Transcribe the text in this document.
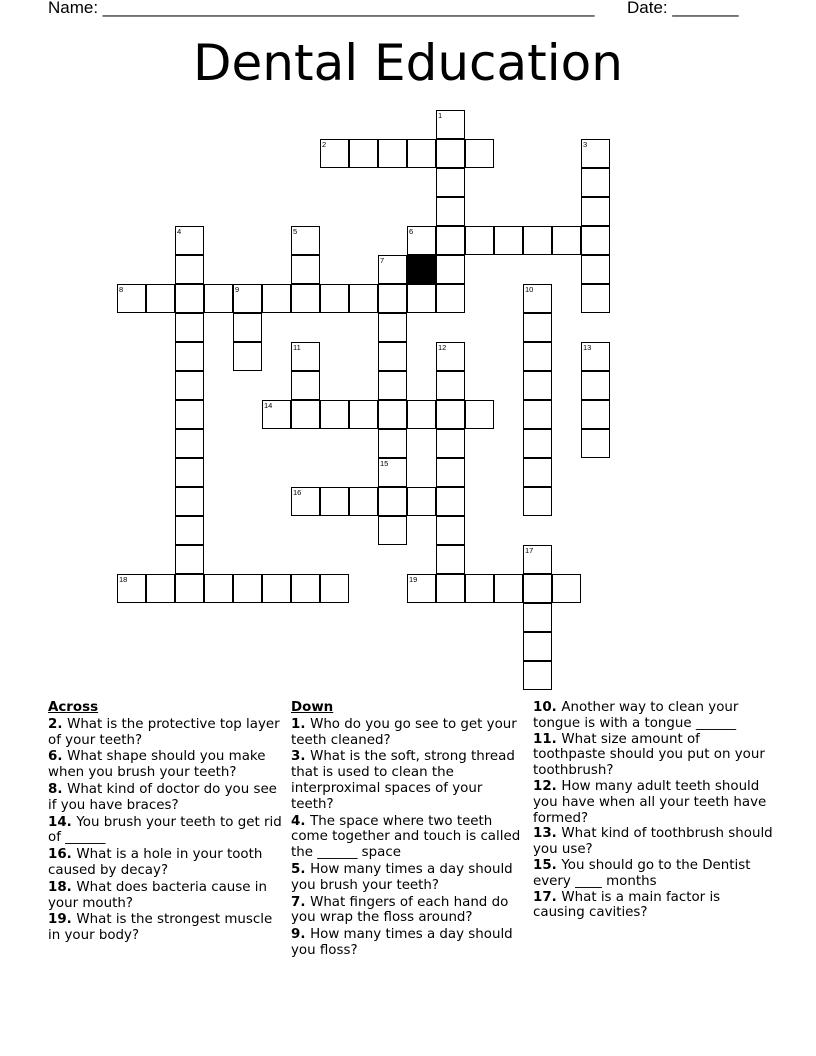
Name: ____________________________________________________ Date: _______
Dental Education
2
6
8	9
14
16
18	19
1
3
4	5
7
15
10
11	12	13
17
Across
2. What is the protective top layer of your teeth?
6. What shape should you make when you brush your teeth?
8. What kind of doctor do you see if you have braces?
14. You brush your teeth to get rid of ______
16. What is a hole in your tooth caused by decay?
18. What does bacteria cause in your mouth?
19. What is the strongest muscle in your body?
Down
1. Who do you go see to get your teeth cleaned?
3. What is the soft, strong thread that is used to clean the interproximal spaces of your teeth?
4. The space where two teeth come together and touch is called the ______ space
5. How many times a day should you brush your teeth?
7. What fingers of each hand do you wrap the floss around?
9. How many times a day should you floss?
10. Another way to clean your tongue is with a tongue ______
11. What size amount of toothpaste should you put on your toothbrush?
12. How many adult teeth should you have when all your teeth have formed?
13. What kind of toothbrush should you use?
15. You should go to the Dentist every ____ months
17. What is a main factor is causing cavities?
